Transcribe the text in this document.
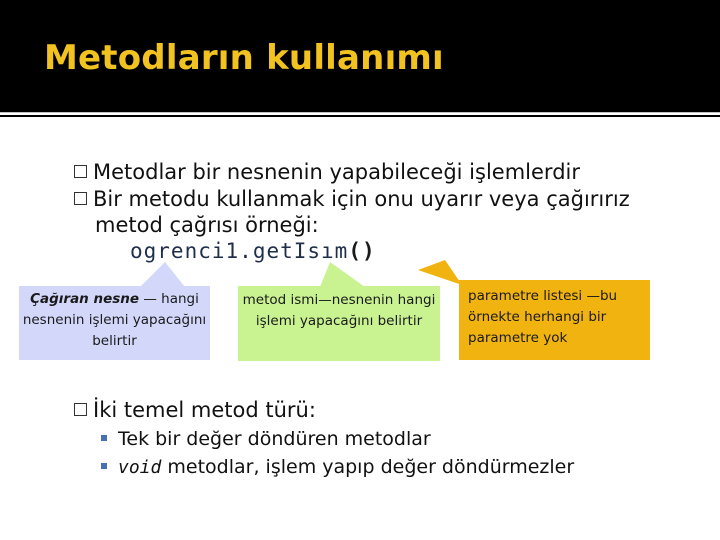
Metodların kullanımı
Metodlar bir nesnenin yapabileceği işlemlerdir
Bir metodu kullanmak için onu uyarır veya çağırırız
metod çağrısı örneği:
ogrenci1.getIsım()
Çağıran nesne — hangi nesnenin işlemi yapacağını belirtir
metod ismi—nesnenin hangi işlemi yapacağını belirtir
parametre listesi —bu örnekte herhangi bir parametre yok
İki temel metod türü:
Tek bir değer döndüren metodlar
void metodlar, işlem yapıp değer döndürmezler
